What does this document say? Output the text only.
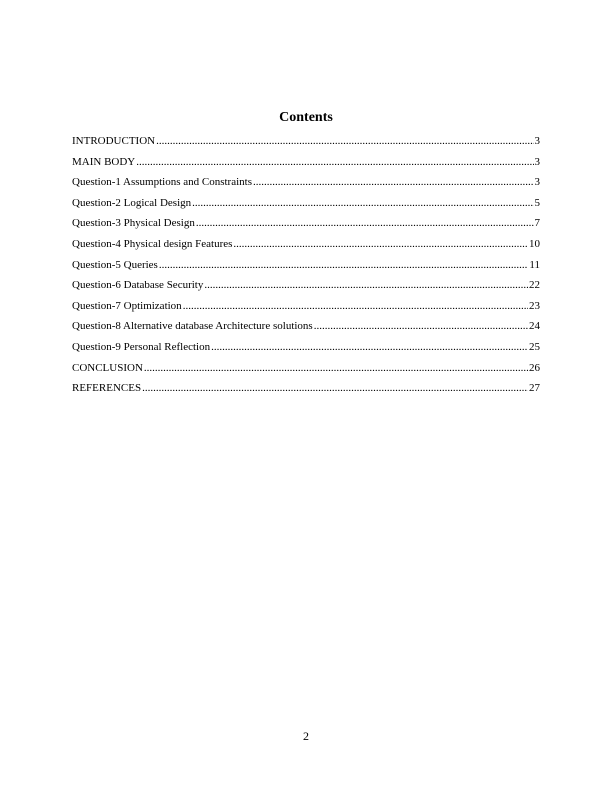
Contents
INTRODUCTION .....	3
MAIN BODY .....	3
Question-1 Assumptions and Constraints .....	3
Question-2 Logical Design .....	5
Question-3 Physical Design .....	7
Question-4 Physical design Features .....	10
Question-5 Queries .....	11
Question-6 Database Security .....	22
Question-7 Optimization .....	23
Question-8 Alternative database Architecture solutions .....	24
Question-9 Personal Reflection .....	25
CONCLUSION .....	26
REFERENCES .....	27
2
